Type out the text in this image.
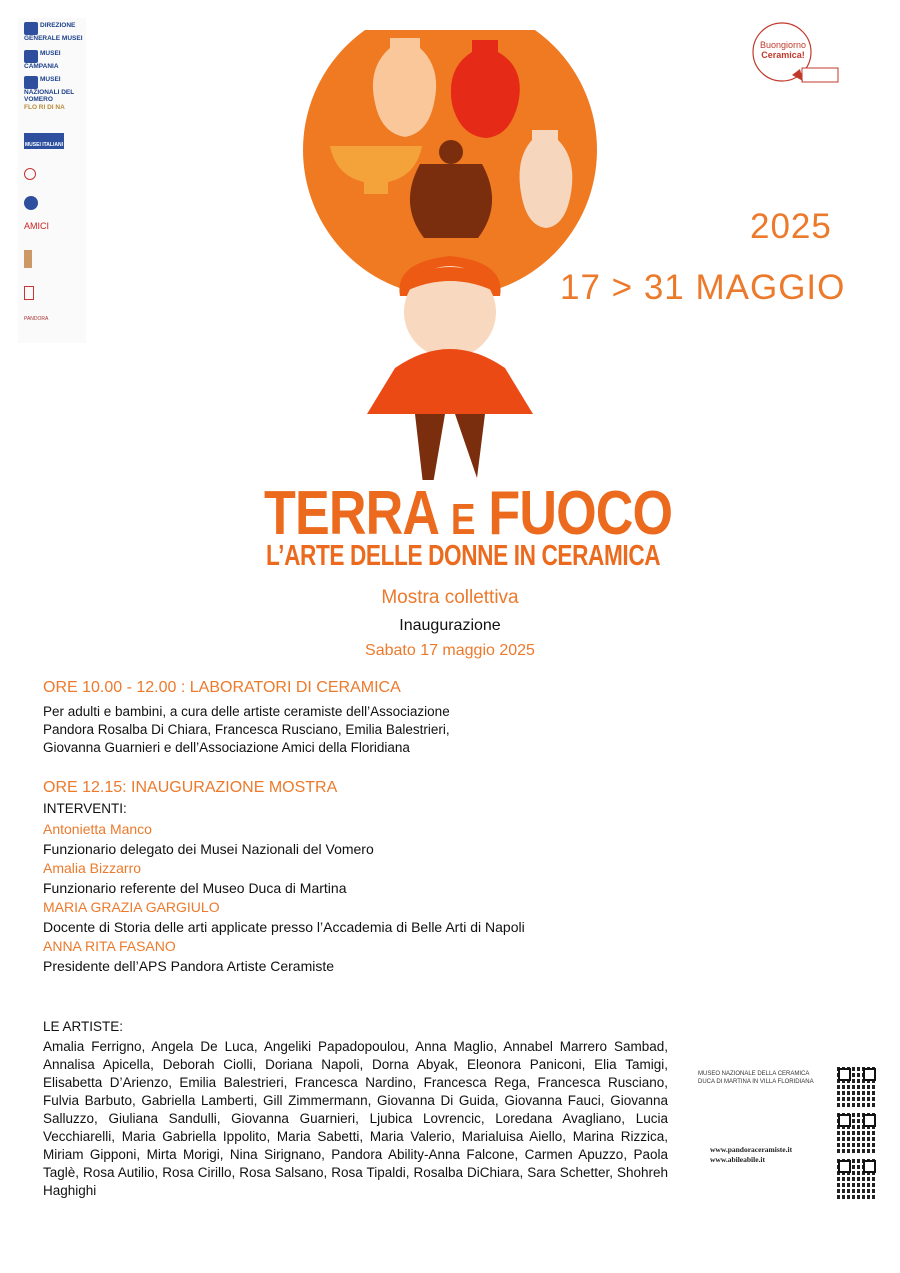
DIREZIONE GENERALE MUSEI
MUSEI CAMPANIA
MUSEI NAZIONALI DEL VOMERO
FLO RI DI NA
MUSEI ITALIANI
AMICI
PANDORA
Buongiorno
Ceramica!
2025
17 > 31 MAGGIO
TERRA E FUOCO
L’ARTE DELLE DONNE IN CERAMICA
Mostra collettiva
Inaugurazione
Sabato 17 maggio 2025
ORE 10.00 - 12.00 : LABORATORI DI CERAMICA
Per adulti e bambini, a cura delle artiste ceramiste dell’Associazione
Pandora Rosalba Di Chiara, Francesca Rusciano, Emilia Balestrieri,
Giovanna Guarnieri e dell’Associazione Amici della Floridiana
ORE 12.15: INAUGURAZIONE MOSTRA
INTERVENTI:
Antonietta Manco
Funzionario delegato dei Musei Nazionali del Vomero
Amalia Bizzarro
Funzionario referente del Museo Duca di Martina
MARIA GRAZIA GARGIULO
Docente di Storia delle arti applicate presso l’Accademia di Belle Arti di Napoli
ANNA RITA FASANO
Presidente dell’APS Pandora Artiste Ceramiste
LE ARTISTE:
Amalia Ferrigno, Angela De Luca, Angeliki Papadopoulou, Anna Maglio, Annabel Marrero Sambad, Annalisa Apicella, Deborah Ciolli, Doriana Napoli, Dorna Abyak, Eleonora Paniconi, Elia Tamigi, Elisabetta D’Arienzo, Emilia Balestrieri, Francesca Nardino, Francesca Rega, Francesca Rusciano, Fulvia Barbuto, Gabriella Lamberti, Gill Zimmermann, Giovanna Di Guida, Giovanna Fauci, Giovanna Salluzzo, Giuliana Sandulli, Giovanna Guarnieri, Ljubica Lovrencic, Loredana Avagliano, Lucia Vecchiarelli, Maria Gabriella Ippolito, Maria Sabetti, Maria Valerio, Marialuisa Aiello, Marina Rizzica, Miriam Gipponi, Mirta Morigi, Nina Sirignano, Pandora Ability-Anna Falcone, Carmen Apuzzo, Paola Taglè, Rosa Autilio, Rosa Cirillo, Rosa Salsano, Rosa Tipaldi, Rosalba DiChiara, Sara Schetter, Shohreh Haghighi
MUSEO NAZIONALE DELLA CERAMICA
DUCA DI MARTINA IN VILLA FLORIDIANA
www.pandoraceramiste.it
www.abileabile.it
